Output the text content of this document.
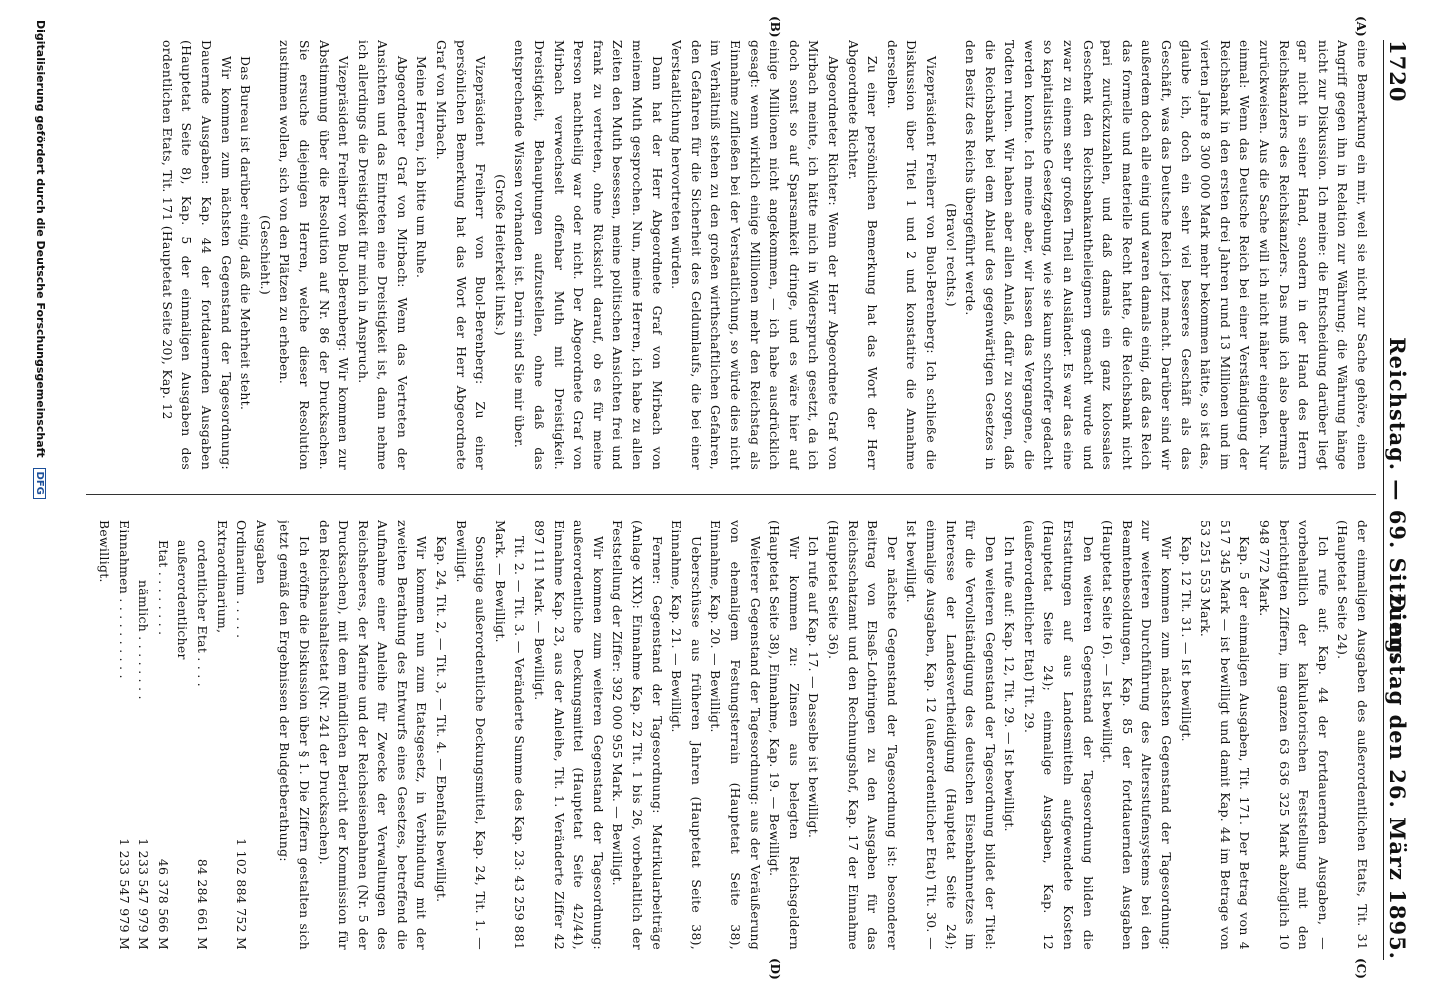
1720
Reichstag. — 69. Sitzung.
Dienstag den 26. März 1895.
(A)
(B)
(C)
(D)

eine Bemerkung ein mir, weil sie nicht zur Sache gehöre, einen Angriff gegen ihn in Relation zur Währung; die Währung hänge nicht zur Diskussion. Ich meine: die Entscheidung darüber liegt gar nicht in seiner Hand, sondern in der Hand des Herrn Reichskanzlers des Reichskanzlers. Das muß ich also abermals zurückweisen. Aus die Sache will ich nicht näher eingehen. Nur einmal: Wenn das Deutsche Reich bei einer Verständigung der Reichsbank in den ersten drei Jahren rund 13 Millionen und im vierten Jahre 8 300 000 Mark mehr bekommen hätte, so ist das, glaube ich, doch ein sehr viel besseres Geschäft als das Geschäft, was das Deutsche Reich jetzt macht. Darüber sind wir außerdem doch alle einig und waren damals einig, daß das Reich das formelle und materielle Recht hatte, die Reichsbank nicht pari zurückzuzahlen, und daß damals ein ganz kolossales Geschenk den Reichsbankantheileignern gemacht wurde und zwar zu einem sehr großen Theil an Ausländer. Es war das eine so kapitalistische Gesetzgebung, wie sie kaum schroffer gedacht werden konnte. Ich meine aber, wir lassen das Vergangene, die Todten ruhen. Wir haben aber allen Anlaß, dafür zu sorgen, daß die Reichsbank bei dem Ablauf des gegenwärtigen Gesetzes in den Besitz des Reichs übergeführt werde.

(Bravo! rechts.)

Vizepräsident Freiherr von Buol-Berenberg: Ich schließe die Diskussion über Titel 1 und 2 und konstatire die Annahme derselben.

Zu einer persönlichen Bemerkung hat das Wort der Herr Abgeordnete Richter.

Abgeordneter Richter: Wenn der Herr Abgeordnete Graf von Mirbach meinte, ich hätte mich in Widerspruch gesetzt, da ich doch sonst so auf Sparsamkeit dringe, und es wäre hier auf einige Millionen nicht angekommen, — ich habe ausdrücklich gesagt: wenn wirklich einige Millionen mehr den Reichstag als Einnahme zufließen bei der Verstaatlichung, so würde dies nicht im Verhältniß stehen zu den großen wirthschaftlichen Gefahren, den Gefahren für die Sicherheit des Geldumlaufs, die bei einer Verstaatlichung hervortreten würden.

Dann hat der Herr Abgeordnete Graf von Mirbach von meinem Muth gesprochen. Nun, meine Herren, ich habe zu allen Zeiten den Muth besessen, meine politischen Ansichten frei und frank zu vertreten, ohne Rücksicht darauf, ob es für meine Person nachtheilig war oder nicht. Der Abgeordnete Graf von Mirbach verwechselt offenbar Muth mit Dreistigkeit. Dreistigkeit, Behauptungen aufzustellen, ohne daß das entsprechende Wissen vorhanden ist. Darin sind Sie mir über.

(Große Heiterkeit links.)

Vizepräsident Freiherr von Buol-Berenberg: Zu einer persönlichen Bemerkung hat das Wort der Herr Abgeordnete Graf von Mirbach.

Meine Herren, ich bitte um Ruhe.

Abgeordneter Graf von Mirbach: Wenn das Vertreten der Ansichten und das Eintreten eine Dreistigkeit ist, dann nehme ich allerdings die Dreistigkeit für mich in Anspruch.

Vizepräsident Freiherr von Buol-Berenberg: Wir kommen zur Abstimmung über die Resolution auf Nr. 86 der Drucksachen. Sie ersuche diejenigen Herren, welche dieser Resolution zustimmen wollen, sich von den Plätzen zu erheben.

(Geschieht.)

Das Bureau ist darüber einig, daß die Mehrheit steht.

Wir kommen zum nächsten Gegenstand der Tagesordnung: Dauernde Ausgaben: Kap. 44 der fortdauernden Ausgaben (Hauptetat Seite 8), Kap. 5 der einmaligen Ausgaben des ordentlichen Etats, Tit. 171 (Hauptetat Seite 20), Kap. 12

der einmaligen Ausgaben des außerordentlichen Etats, Tit. 31 (Hauptetat Seite 24).

Ich rufe auf: Kap. 44 der fortdauernden Ausgaben, — vorbehaltlich der kalkulatorischen Feststellung mit den berichtigten Ziffern, im ganzen 63 636 325 Mark abzüglich 10 948 772 Mark.

Kap. 5 der einmaligen Ausgaben, Tit. 171. Der Betrag von 4 517 345 Mark — ist bewilligt und damit Kap. 44 im Betrage von 53 251 553 Mark.

Kap. 12 Tit. 31. — Ist bewilligt.

Wir kommen zum nächsten Gegenstand der Tagesordnung: zur weiteren Durchführung des Altersstufensystems bei den Beamtenbesoldungen, Kap. 85 der fortdauernden Ausgaben (Hauptetat Seite 16). — Ist bewilligt.

Den weiteren Gegenstand der Tagesordnung bilden die Erstattungen auf aus Landesmitteln aufgewendete Kosten (Hauptetat Seite 24); einmalige Ausgaben, Kap. 12 (außerordentlicher Etat) Tit. 29.

Ich rufe auf: Kap. 12, Tit. 29. — Ist bewilligt.

Den weiteren Gegenstand der Tagesordnung bildet der Titel: für die Vervollständigung des deutschen Eisenbahnnetzes im Interesse der Landesvertheidigung (Hauptetat Seite 24); einmalige Ausgaben, Kap. 12 (außerordentlicher Etat) Tit. 30. — Ist bewilligt.

Der nächste Gegenstand der Tagesordnung ist: besonderer Beitrag von Elsaß-Lothringen zu den Ausgaben für das Reichsschatzamt und den Rechnungshof, Kap. 17 der Einnahme (Hauptetat Seite 36).

Ich rufe auf Kap. 17. — Dasselbe ist bewilligt.

Wir kommen zu: Zinsen aus belegten Reichsgeldern (Hauptetat Seite 38), Einnahme, Kap. 19. — Bewilligt.

Weiterer Gegenstand der Tagesordnung: aus der Veräußerung von ehemaligem Festungsterrain (Hauptetat Seite 38), Einnahme, Kap. 20. — Bewilligt.

Ueberschüsse aus früheren Jahren (Hauptetat Seite 38), Einnahme, Kap. 21. — Bewilligt.

Ferner: Gegenstand der Tagesordnung: Matrikularbeiträge (Anlage XIX): Einnahme Kap. 22 Tit. 1 bis 26, vorbehaltlich der Feststellung der Ziffer: 392 000 955 Mark. — Bewilligt.

Wir kommen zum weiteren Gegenstand der Tagesordnung: außerordentliche Deckungsmittel (Hauptetat Seite 42/44), Einnahme Kap. 23, aus der Anleihe, Tit. 1. Veränderte Ziffer 42 897 111 Mark. — Bewilligt.

Tit. 2. — Tit. 3. — Veränderte Summe des Kap. 23: 43 259 881 Mark. — Bewilligt.

Sonstige außerordentliche Deckungsmittel, Kap. 24, Tit. 1. — Bewilligt.

Kap. 24, Tit. 2, — Tit. 3, — Tit. 4. — Ebenfalls bewilligt.

Wir kommen nun zum Etatsgesetz, in Verbindung mit der zweiten Berathung des Entwurfs eines Gesetzes, betreffend die Aufnahme einer Anleihe für Zwecke der Verwaltungen des Reichsheeres, der Marine und der Reichseisenbahnen (Nr. 5 der Drucksachen), mit dem mündlichen Bericht der Kommission für den Reichshaushaltsetat (Nr. 241 der Drucksachen).

Ich eröffne die Diskussion über § 1. Die Ziffern gestalten sich jetzt gemäß den Ergebnissen der Budgetberathung:

Ausgaben
Ordinarium . . . . .
1 102 884 752 M
Extraordinarium,
ordentlicher Etat . . . .
84 284 661 M
außerordentlicher
Etat . . . . . . . .
46 378 566 M
nämlich . . . . . . . .
1 233 547 979 M
Einnahmen . . . . . . . . . .
1 233 547 979 M
Bewilligt.
Digitalisierung gefördert durch die Deutsche Forschungsgemeinschaft DFG
